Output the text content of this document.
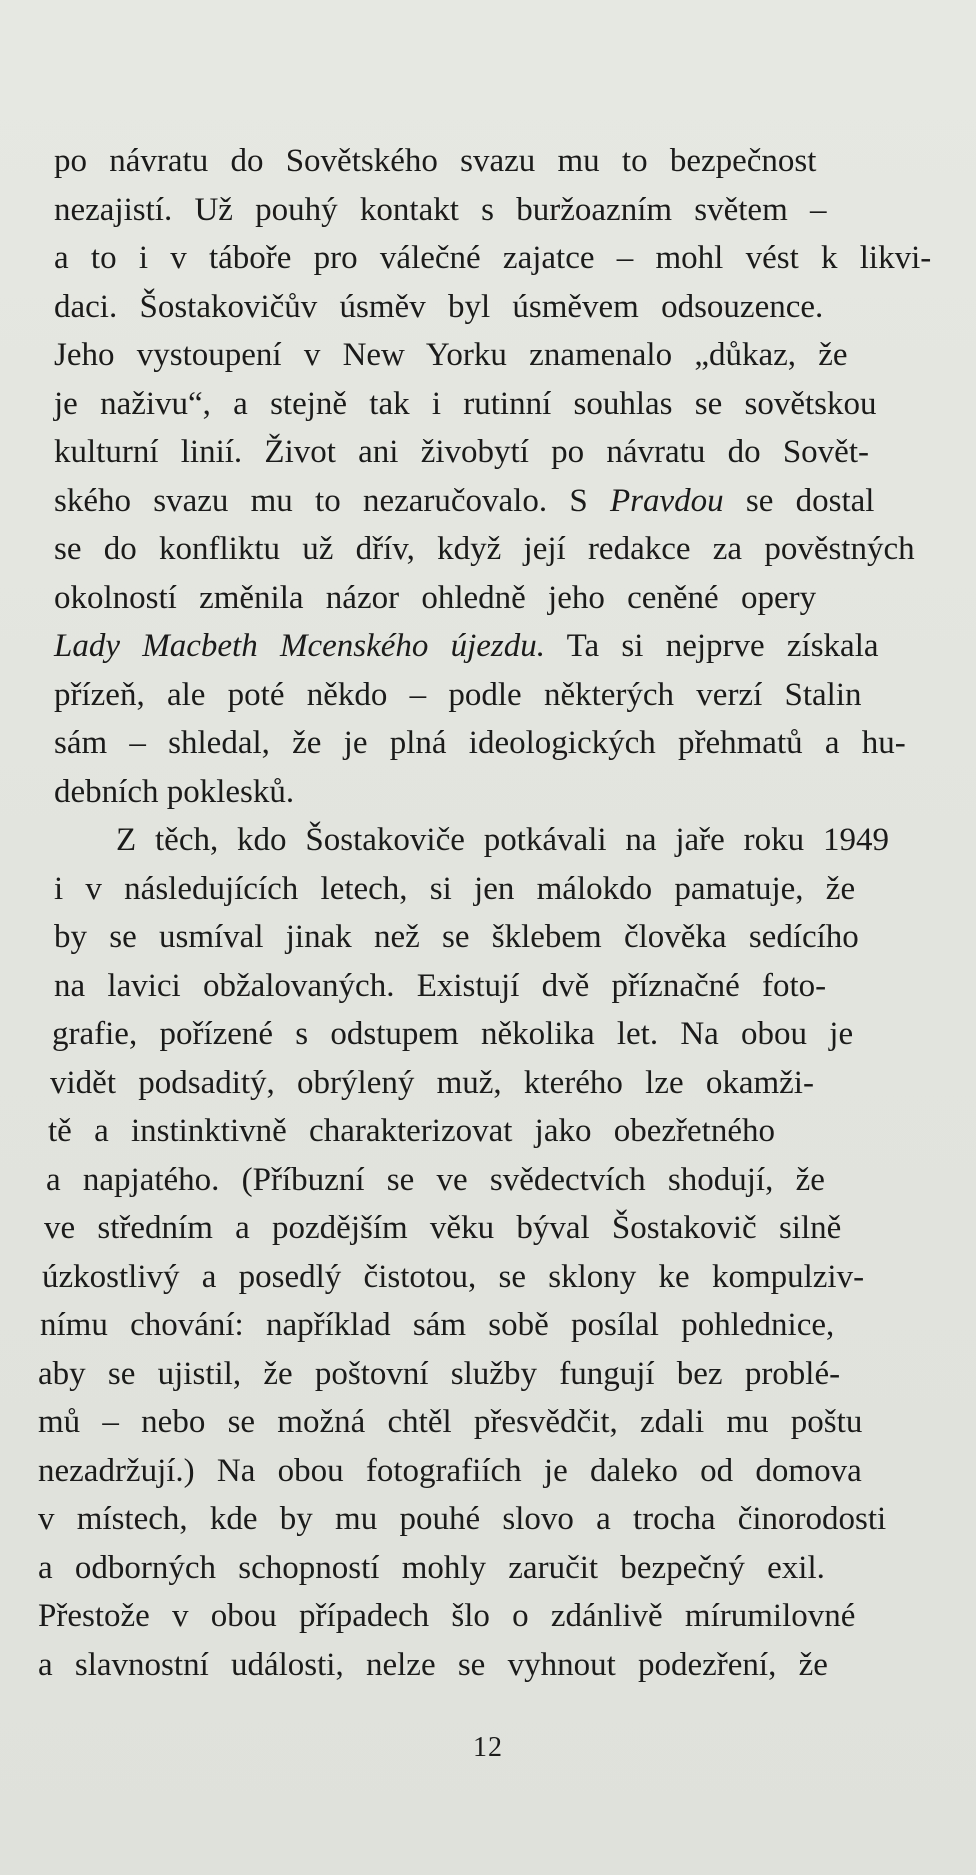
po návratu do Sovětského svazu mu to bezpečnost
nezajistí. Už pouhý kontakt s buržoazním světem –
a to i v táboře pro válečné zajatce – mohl vést k likvi-
daci. Šostakovičův úsměv byl úsměvem odsouzence.
Jeho vystoupení v New Yorku znamenalo „důkaz, že
je naživu“, a stejně tak i rutinní souhlas se sovětskou
kulturní linií. Život ani živobytí po návratu do Sovět-
ského svazu mu to nezaručovalo. S Pravdou se dostal
se do konfliktu už dřív, když její redakce za pověstných
okolností změnila názor ohledně jeho ceněné opery
Lady Macbeth Mcenského újezdu. Ta si nejprve získala
přízeň, ale poté někdo – podle některých verzí Stalin
sám – shledal, že je plná ideologických přehmatů a hu-
debních poklesků.
Z těch, kdo Šostakoviče potkávali na jaře roku 1949
i v následujících letech, si jen málokdo pamatuje, že
by se usmíval jinak než se šklebem člověka sedícího
na lavici obžalovaných. Existují dvě příznačné foto-
grafie, pořízené s odstupem několika let. Na obou je
vidět podsaditý, obrýlený muž, kterého lze okamži-
tě a instinktivně charakterizovat jako obezřetného
a napjatého. (Příbuzní se ve svědectvích shodují, že
ve středním a pozdějším věku býval Šostakovič silně
úzkostlivý a posedlý čistotou, se sklony ke kompulziv-
nímu chování: například sám sobě posílal pohlednice,
aby se ujistil, že poštovní služby fungují bez problé-
mů – nebo se možná chtěl přesvědčit, zdali mu poštu
nezadržují.) Na obou fotografiích je daleko od domova
v místech, kde by mu pouhé slovo a trocha činorodosti
a odborných schopností mohly zaručit bezpečný exil.
Přestože v obou případech šlo o zdánlivě mírumilovné
a slavnostní události, nelze se vyhnout podezření, že
12
